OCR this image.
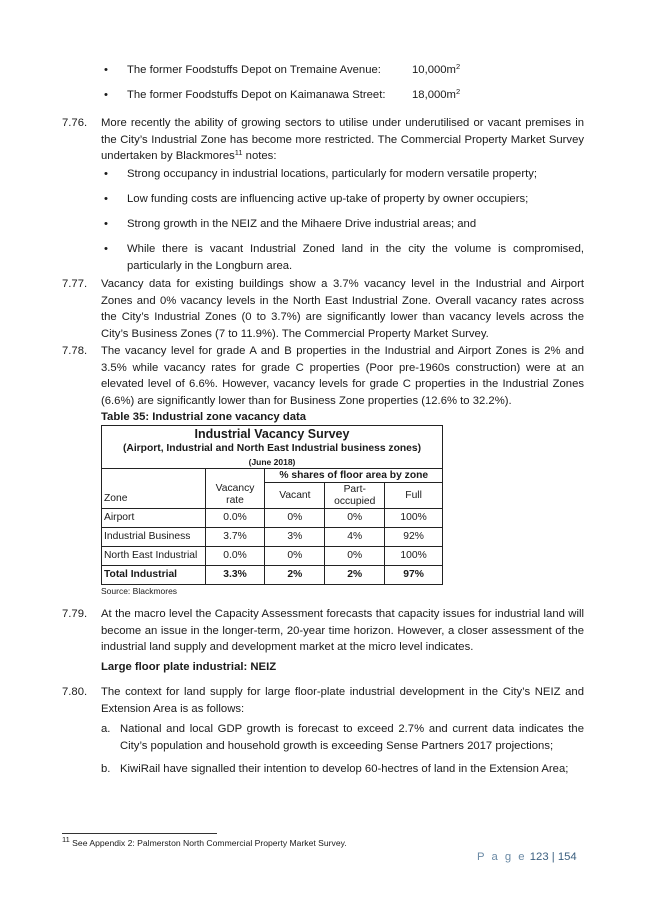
• The former Foodstuffs Depot on Tremaine Avenue:	$10,000m^2$
• The former Foodstuffs Depot on Kaimanawa Street:	$18,000m^2$
7.76. More recently the ability of growing sectors to utilise under underutilised or vacant premises in the City’s Industrial Zone has become more restricted. The Commercial Property Market Survey undertaken by Blackmores$^{11}$ notes:
• Strong occupancy in industrial locations, particularly for modern versatile property;
• Low funding costs are influencing active up-take of property by owner occupiers;
• Strong growth in the NEIZ and the Mihaere Drive industrial areas; and
• While there is vacant Industrial Zoned land in the city the volume is compromised, particularly in the Longburn area.
7.77. Vacancy data for existing buildings show a 3.7% vacancy level in the Industrial and Airport Zones and 0% vacancy levels in the North East Industrial Zone. Overall vacancy rates across the City’s Industrial Zones (0 to 3.7%) are significantly lower than vacancy levels across the City’s Business Zones (7 to 11.9%). The Commercial Property Market Survey.
7.78. The vacancy level for grade A and B properties in the Industrial and Airport Zones is 2% and 3.5% while vacancy rates for grade C properties (Poor pre-1960s construction) were at an elevated level of 6.6%. However, vacancy levels for grade C properties in the Industrial Zones (6.6%) are significantly lower than for Business Zone properties (12.6% to 32.2%).
Table 35: Industrial zone vacancy data
Industrial Vacancy Survey				
(Airport, Industrial and North East Industrial business zones)				
(June 2018)				
Zone		% shares of floor area by zone		
	Vacancy rate	Vacant	Part-occupied	Full
Airport	0.0%	0%	0%	100%
Industrial Business	3.7%	3%	4%	92%
North East Industrial	0.0%	0%	0%	100%
Total Industrial	3.3%	2%	2%	97%
Source: Blackmores
7.79. At the macro level the Capacity Assessment forecasts that capacity issues for industrial land will become an issue in the longer-term, 20-year time horizon. However, a closer assessment of the industrial land supply and development market at the micro level indicates.
Large floor plate industrial: NEIZ
7.80. The context for land supply for large floor-plate industrial development in the City’s NEIZ and Extension Area is as follows:
a. National and local GDP growth is forecast to exceed 2.7% and current data indicates the City’s population and household growth is exceeding Sense Partners 2017 projections;
b. KiwiRail have signalled their intention to develop 60-hectres of land in the Extension Area;
$^{11}$ See Appendix 2: Palmerston North Commercial Property Market Survey.
P a g e 123 | 154
